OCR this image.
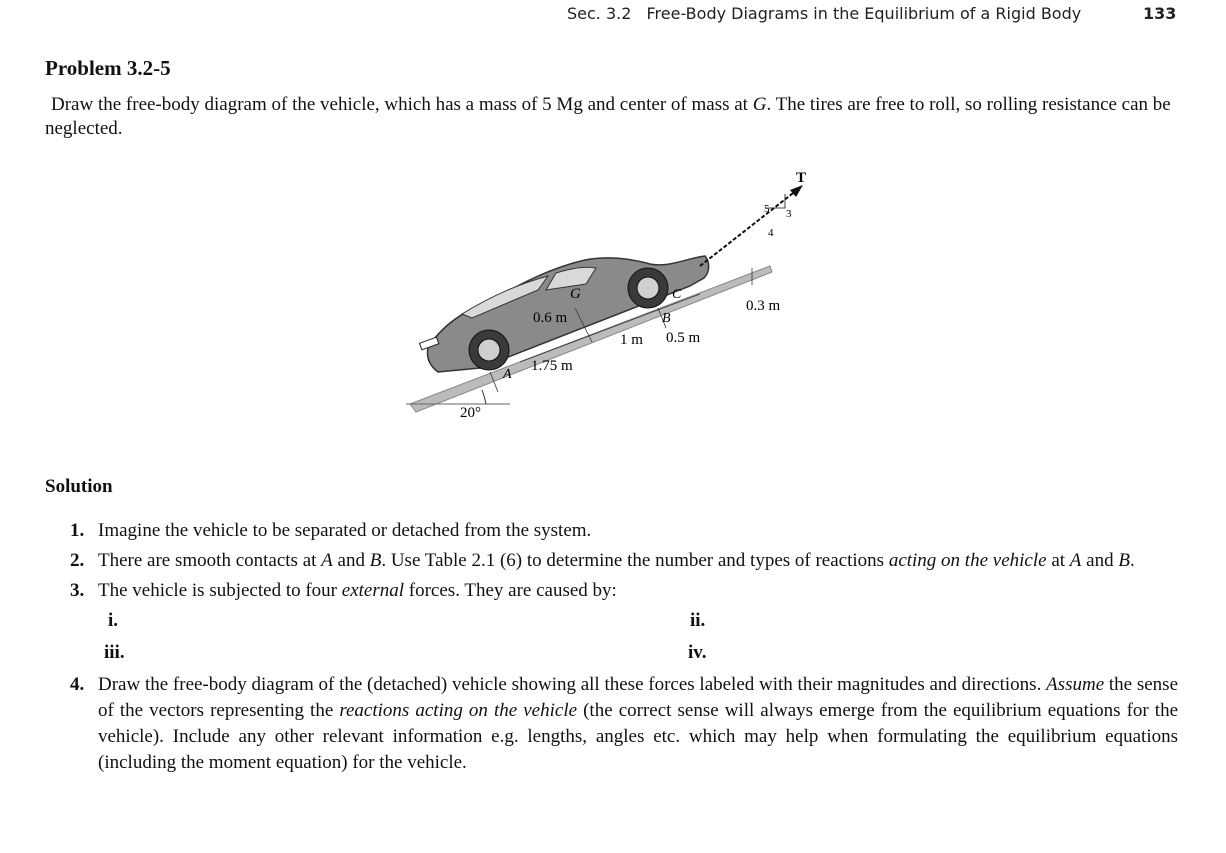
Sec. 3.2 Free-Body Diagrams in the Equilibrium of a Rigid Body	133
Problem 3.2-5
Draw the free-body diagram of the vehicle, which has a mass of 5 Mg and center of mass at G. The tires are free to roll, so rolling resistance can be neglected.
T
5 3
4
G	C
B
A
0.6 m
1 m 0.5 m
1.75 m
0.3 m
20°
Solution
1. Imagine the vehicle to be separated or detached from the system.
2. There are smooth contacts at A and B. Use Table 2.1 (6) to determine the number and types of reactions acting on the vehicle at A and B.
3. The vehicle is subjected to four external forces. They are caused by:
i.	ii.
iii.	iv.
4. Draw the free-body diagram of the (detached) vehicle showing all these forces labeled with their magnitudes and directions. Assume the sense of the vectors representing the reactions acting on the vehicle (the correct sense will always emerge from the equilibrium equations for the vehicle). Include any other relevant information e.g. lengths, angles etc. which may help when formulating the equilibrium equations (including the moment equation) for the vehicle.
